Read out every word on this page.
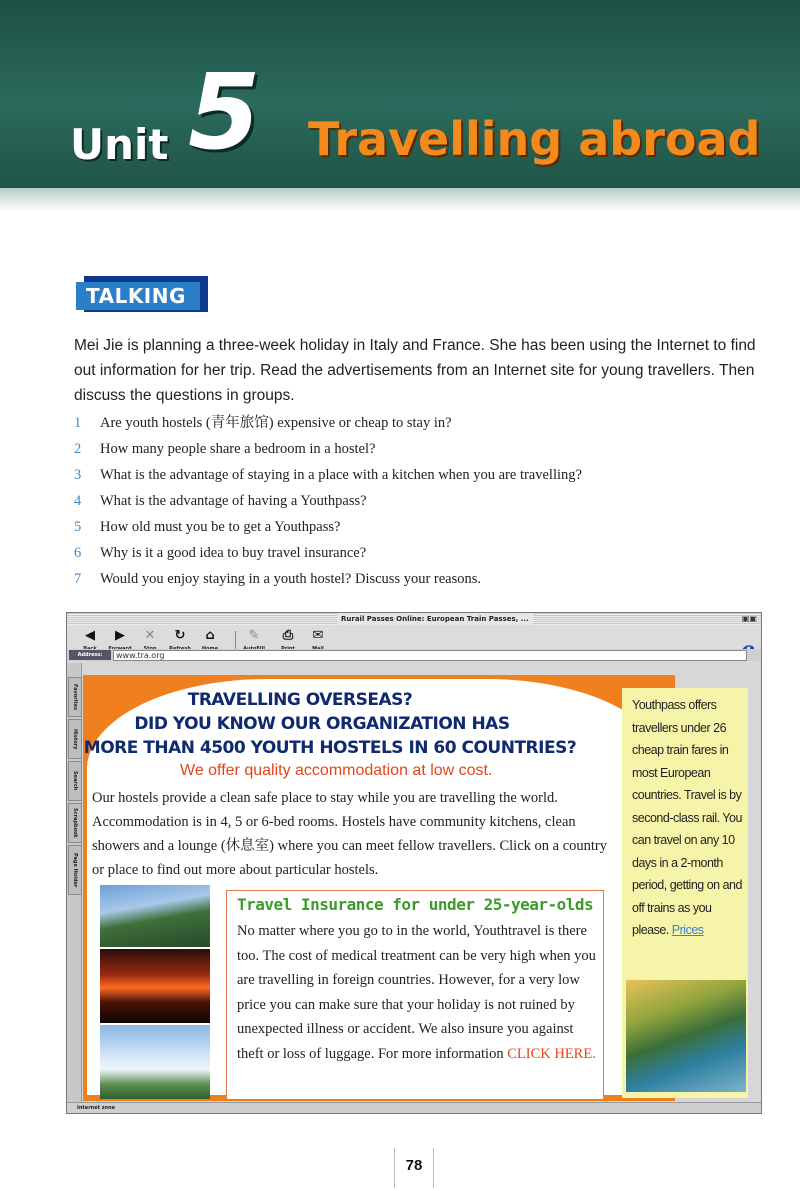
Unit 5 Travelling abroad
TALKING
Mei Jie is planning a three-week holiday in Italy and France. She has been using the Internet to find out information for her trip. Read the advertisements from an Internet site for young travellers. Then discuss the questions in groups.
1 Are youth hostels (青年旅馆) expensive or cheap to stay in?
2 How many people share a bedroom in a hostel?
3 What is the advantage of staying in a place with a kitchen when you are travelling?
4 What is the advantage of having a Youthpass?
5 How old must you be to get a Youthpass?
6 Why is it a good idea to buy travel insurance?
7 Would you enjoy staying in a youth hostel? Discuss your reasons.
Rurail Passes Online: European Train Passes, ...	▣▣
◀	▶	✕	↻	⌂	✎	⎙	✉
Address:	www.tra.org
Favorites
History
Search
Scrapbook
Page Holder
Internet zone
TRAVELLING OVERSEAS?
DID YOU KNOW OUR ORGANIZATION HAS
MORE THAN 4500 YOUTH HOSTELS IN 60 COUNTRIES?
We offer quality accommodation at low cost.
Our hostels provide a clean safe place to stay while you are travelling the world. Accommodation is in 4, 5 or 6-bed rooms. Hostels have community kitchens, clean showers and a lounge (休息室) where you can meet fellow travellers. Click on a country or place to find out more about particular hostels.
Travel Insurance for under 25-year-olds
No matter where you go to in the world, Youthtravel is there too. The cost of medical treatment can be very high when you are travelling in foreign countries. However, for a very low price you can make sure that your holiday is not ruined by unexpected illness or accident. We also insure you against theft or loss of luggage. For more information CLICK HERE.
Youthpass offers travellers under 26 cheap train fares in most European countries. Travel is by second-class rail. You can travel on any 10 days in a 2-month period, getting on and off trains as you please. Prices
78
